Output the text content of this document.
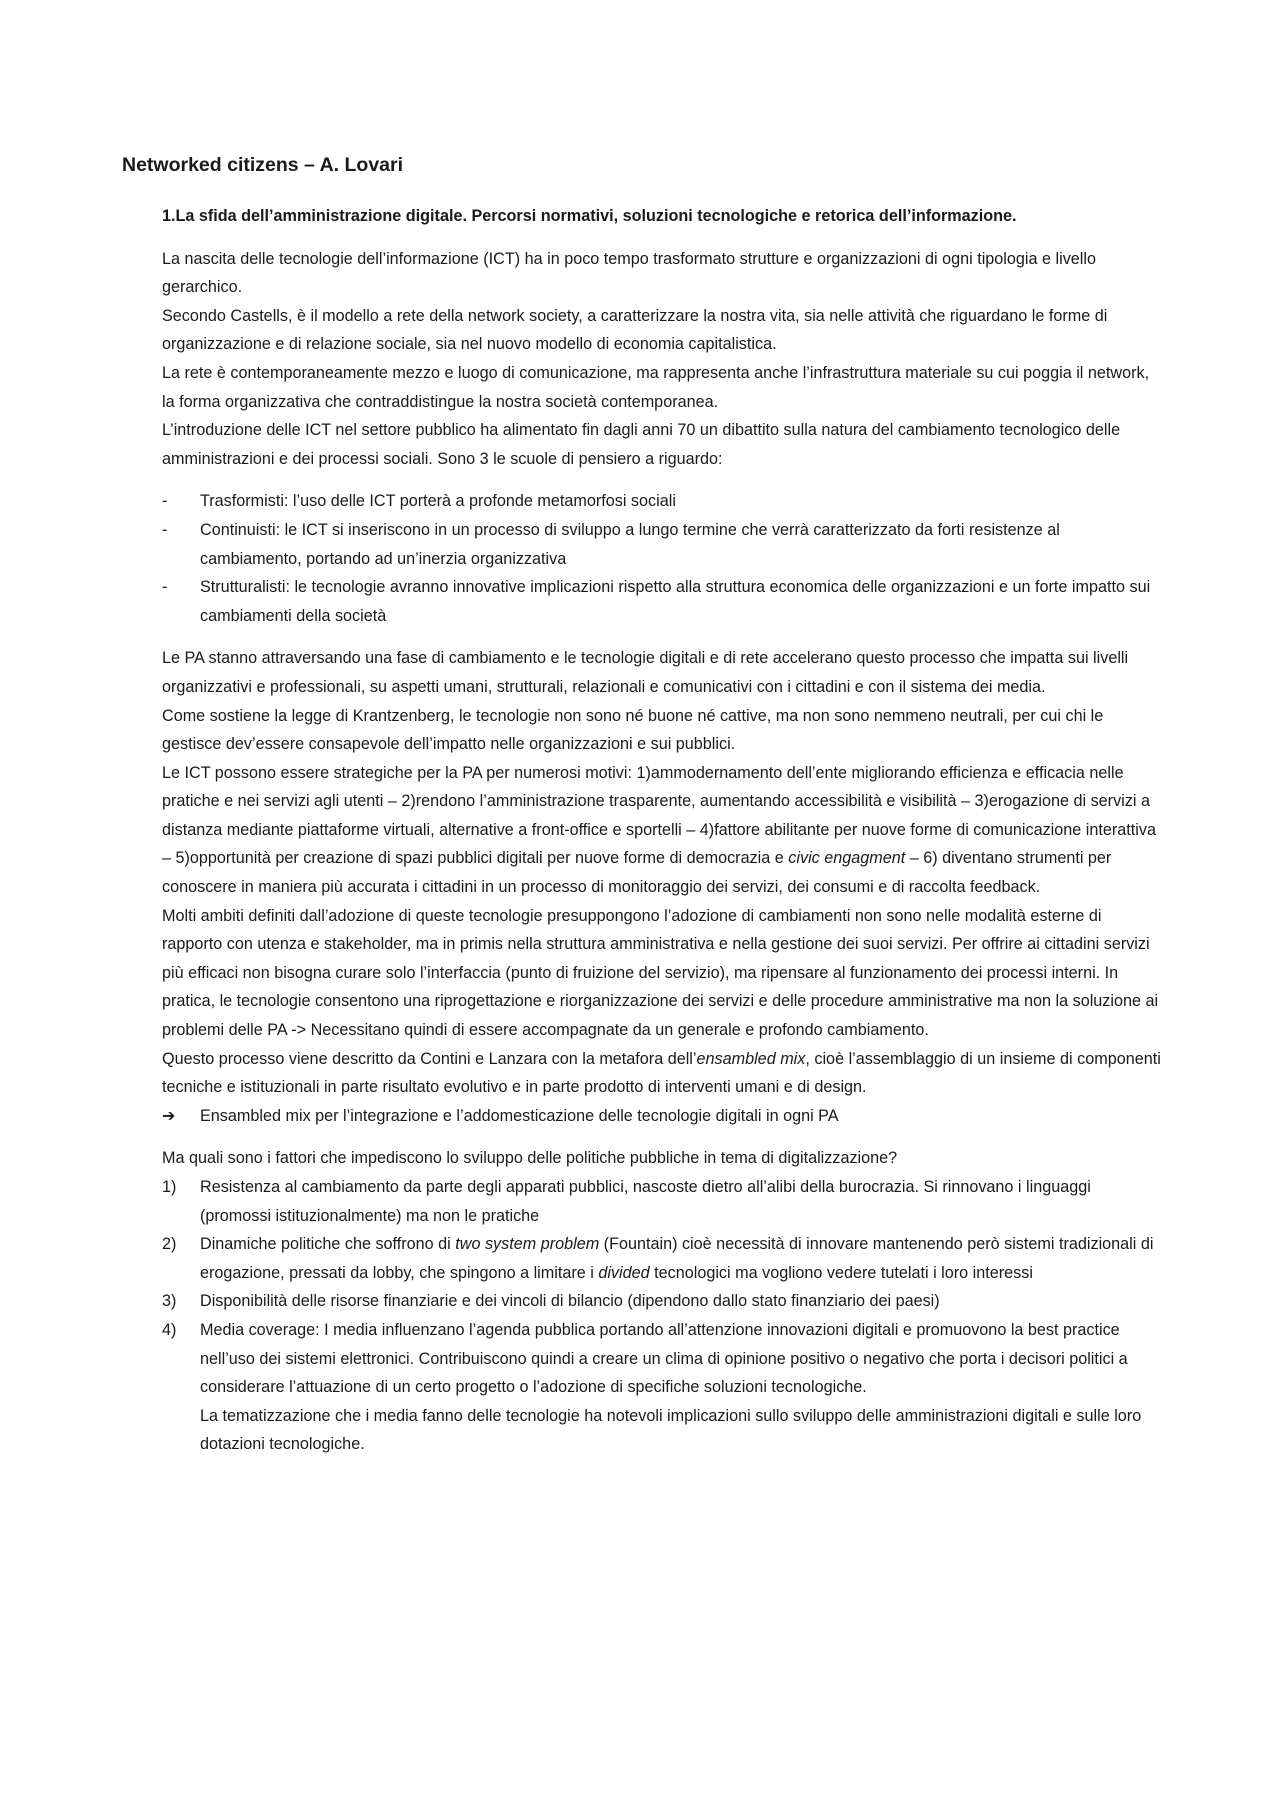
Networked citizens – A. Lovari
1.La sfida dell’amministrazione digitale. Percorsi normativi, soluzioni tecnologiche e retorica dell’informazione.

La nascita delle tecnologie dell’informazione (ICT) ha in poco tempo trasformato strutture e organizzazioni di ogni tipologia e livello gerarchico.

Secondo Castells, è il modello a rete della network society, a caratterizzare la nostra vita, sia nelle attività che riguardano le forme di organizzazione e di relazione sociale, sia nel nuovo modello di economia capitalistica.

La rete è contemporaneamente mezzo e luogo di comunicazione, ma rappresenta anche l’infrastruttura materiale su cui poggia il network, la forma organizzativa che contraddistingue la nostra società contemporanea.

L’introduzione delle ICT nel settore pubblico ha alimentato fin dagli anni 70 un dibattito sulla natura del cambiamento tecnologico delle amministrazioni e dei processi sociali. Sono 3 le scuole di pensiero a riguardo:

- Trasformisti: l’uso delle ICT porterà a profonde metamorfosi sociali
- Continuisti: le ICT si inseriscono in un processo di sviluppo a lungo termine che verrà caratterizzato da forti resistenze al cambiamento, portando ad un’inerzia organizzativa
- Strutturalisti: le tecnologie avranno innovative implicazioni rispetto alla struttura economica delle organizzazioni e un forte impatto sui cambiamenti della società

Le PA stanno attraversando una fase di cambiamento e le tecnologie digitali e di rete accelerano questo processo che impatta sui livelli organizzativi e professionali, su aspetti umani, strutturali, relazionali e comunicativi con i cittadini e con il sistema dei media.

Come sostiene la legge di Krantzenberg, le tecnologie non sono né buone né cattive, ma non sono nemmeno neutrali, per cui chi le gestisce dev’essere consapevole dell’impatto nelle organizzazioni e sui pubblici.

Le ICT possono essere strategiche per la PA per numerosi motivi: 1)ammodernamento dell’ente migliorando efficienza e efficacia nelle pratiche e nei servizi agli utenti – 2)rendono l’amministrazione trasparente, aumentando accessibilità e visibilità – 3)erogazione di servizi a distanza mediante piattaforme virtuali, alternative a front-office e sportelli – 4)fattore abilitante per nuove forme di comunicazione interattiva – 5)opportunità per creazione di spazi pubblici digitali per nuove forme di democrazia e civic engagment – 6) diventano strumenti per conoscere in maniera più accurata i cittadini in un processo di monitoraggio dei servizi, dei consumi e di raccolta feedback.

Molti ambiti definiti dall’adozione di queste tecnologie presuppongono l’adozione di cambiamenti non sono nelle modalità esterne di rapporto con utenza e stakeholder, ma in primis nella struttura amministrativa e nella gestione dei suoi servizi. Per offrire ai cittadini servizi più efficaci non bisogna curare solo l’interfaccia (punto di fruizione del servizio), ma ripensare al funzionamento dei processi interni. In pratica, le tecnologie consentono una riprogettazione e riorganizzazione dei servizi e delle procedure amministrative ma non la soluzione ai problemi delle PA -> Necessitano quindi di essere accompagnate da un generale e profondo cambiamento.

Questo processo viene descritto da Contini e Lanzara con la metafora dell’ensambled mix, cioè l’assemblaggio di un insieme di componenti tecniche e istituzionali in parte risultato evolutivo e in parte prodotto di interventi umani e di design.

➔ Ensambled mix per l’integrazione e l’addomesticazione delle tecnologie digitali in ogni PA

Ma quali sono i fattori che impediscono lo sviluppo delle politiche pubbliche in tema di digitalizzazione?

1) Resistenza al cambiamento da parte degli apparati pubblici, nascoste dietro all’alibi della burocrazia. Si rinnovano i linguaggi (promossi istituzionalmente) ma non le pratiche
2) Dinamiche politiche che soffrono di two system problem (Fountain) cioè necessità di innovare mantenendo però sistemi tradizionali di erogazione, pressati da lobby, che spingono a limitare i divided tecnologici ma vogliono vedere tutelati i loro interessi
3) Disponibilità delle risorse finanziarie e dei vincoli di bilancio (dipendono dallo stato finanziario dei paesi)
4) Media coverage: I media influenzano l’agenda pubblica portando all’attenzione innovazioni digitali e promuovono la best practice nell’uso dei sistemi elettronici. Contribuiscono quindi a creare un clima di opinione positivo o negativo che porta i decisori politici a considerare l’attuazione di un certo progetto o l’adozione di specifiche soluzioni tecnologiche.
La tematizzazione che i media fanno delle tecnologie ha notevoli implicazioni sullo sviluppo delle amministrazioni digitali e sulle loro dotazioni tecnologiche.
